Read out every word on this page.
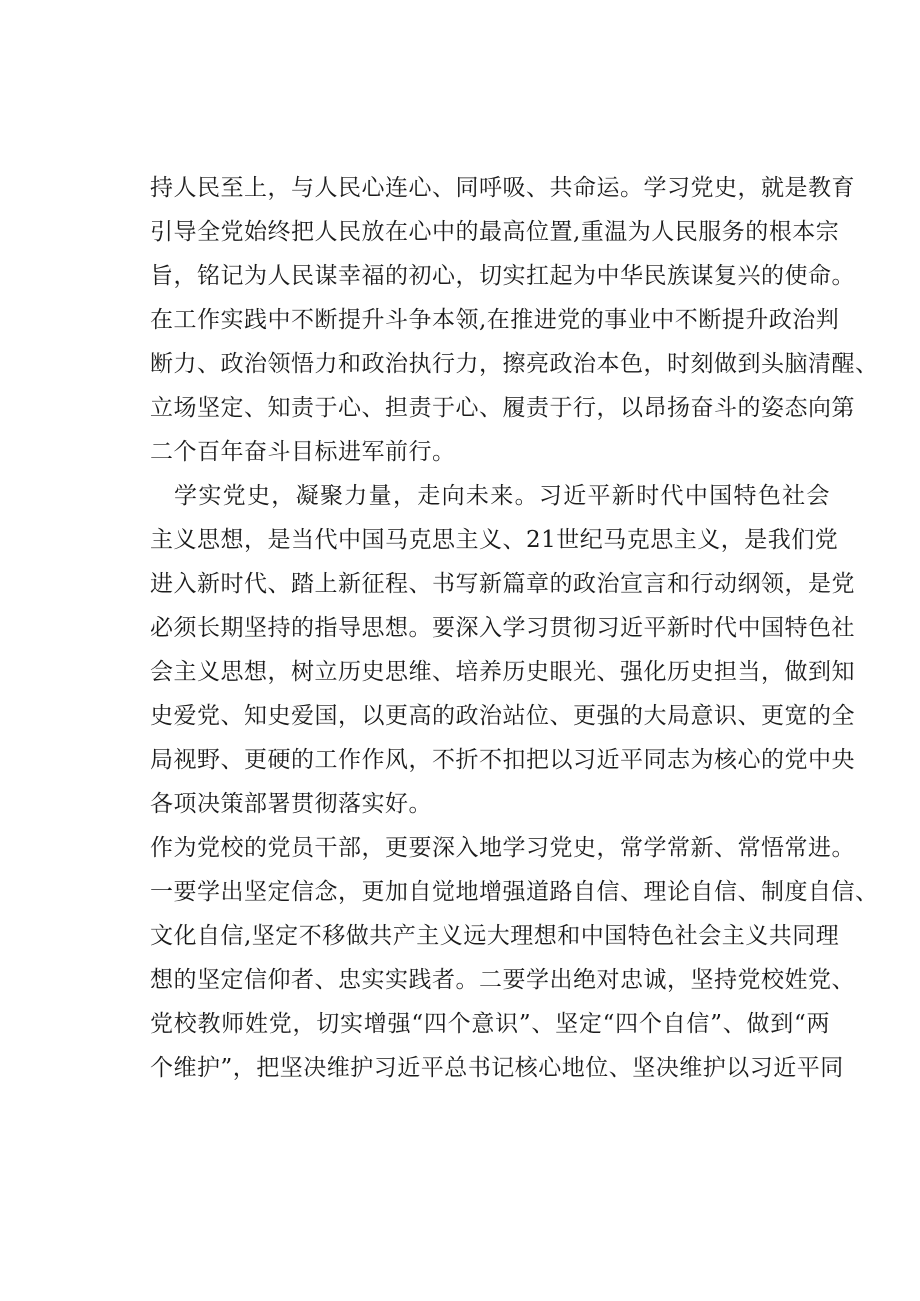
持人民至上，与人民心连心、同呼吸、共命运。学习党史，就是教育
引导全党始终把人民放在心中的最高位置,重温为人民服务的根本宗
旨，铭记为人民谋幸福的初心，切实扛起为中华民族谋复兴的使命。
在工作实践中不断提升斗争本领,在推进党的事业中不断提升政治判
断力、政治领悟力和政治执行力，擦亮政治本色，时刻做到头脑清醒、
立场坚定、知责于心、担责于心、履责于行，以昂扬奋斗的姿态向第
二个百年奋斗目标进军前行。
学实党史，凝聚力量，走向未来。习近平新时代中国特色社会
主义思想，是当代中国马克思主义、21世纪马克思主义，是我们党
进入新时代、踏上新征程、书写新篇章的政治宣言和行动纲领，是党
必须长期坚持的指导思想。要深入学习贯彻习近平新时代中国特色社
会主义思想，树立历史思维、培养历史眼光、强化历史担当，做到知
史爱党、知史爱国，以更高的政治站位、更强的大局意识、更宽的全
局视野、更硬的工作作风，不折不扣把以习近平同志为核心的党中央
各项决策部署贯彻落实好。
作为党校的党员干部，更要深入地学习党史，常学常新、常悟常进。
一要学出坚定信念，更加自觉地增强道路自信、理论自信、制度自信、
文化自信,坚定不移做共产主义远大理想和中国特色社会主义共同理
想的坚定信仰者、忠实实践者。二要学出绝对忠诚，坚持党校姓党、
党校教师姓党，切实增强“四个意识”、坚定“四个自信”、做到“两
个维护”，把坚决维护习近平总书记核心地位、坚决维护以习近平同
